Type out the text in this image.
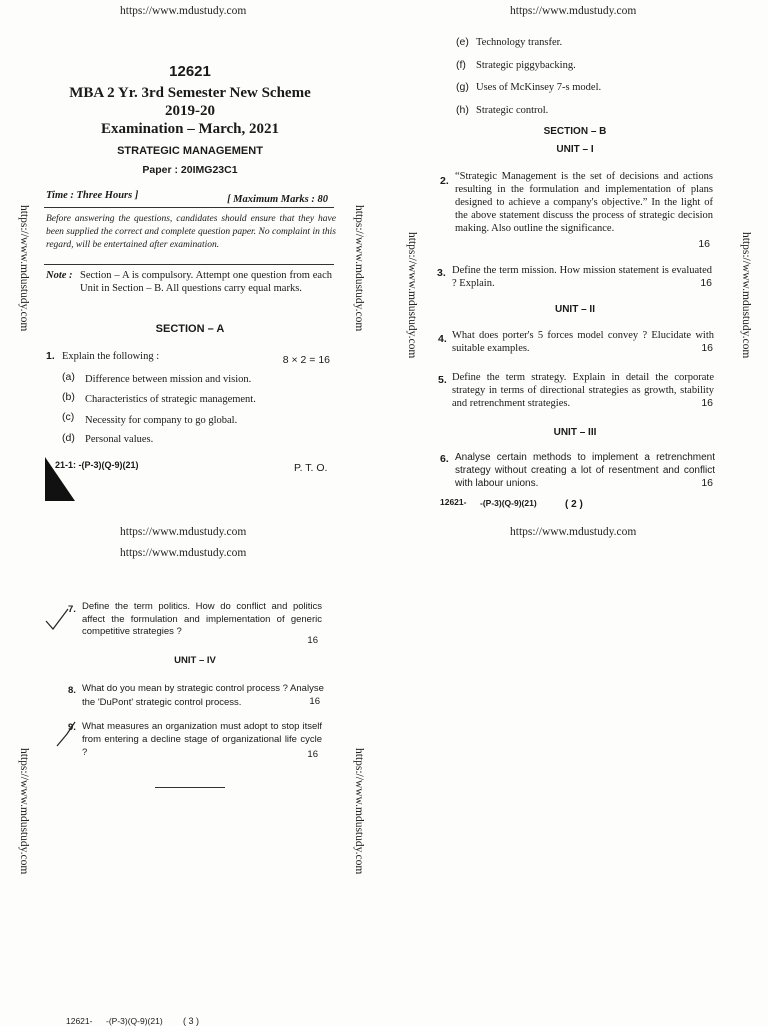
https://www.mdustudy.com	https://www.mdustudy.com
https://www.mdustudy.com	https://www.mdustudy.com	https://www.mdustudy.com	https://www.mdustudy.com
https://www.mdustudy.com	https://www.mdustudy.com
12621
MBA 2 Yr. 3rd Semester New Scheme
2019-20
Examination – March, 2021
STRATEGIC MANAGEMENT
Paper : 20IMG23C1
Time : Three Hours ]	[ Maximum Marks : 80
Before answering the questions, candidates should ensure that they have been supplied the correct and complete question paper. No complaint in this regard, will be entertained after examination.
Note : Section – A is compulsory. Attempt one question from each Unit in Section – B. All questions carry equal marks.
SECTION – A
1. Explain the following :	8 × 2 = 16
(a) Difference between mission and vision.
(b) Characteristics of strategic management.
(c) Necessity for company to go global.
(d) Personal values.
21-1: -(P-3)(Q-9)(21)	P. T. O.
(e) Technology transfer.
(f) Strategic piggybacking.
(g) Uses of McKinsey 7-s model.
(h) Strategic control.
SECTION – B
UNIT – I
2. “Strategic Management is the set of decisions and actions resulting in the formulation and implementation of plans designed to achieve a company's objective.” In the light of the above statement discuss the process of strategic decision making. Also outline the significance.
16
3. Define the term mission. How mission statement is evaluated ? Explain.	16
UNIT – II
4. What does porter's 5 forces model convey ? Elucidate with suitable examples.	16
5. Define the term strategy. Explain in detail the corporate strategy in terms of directional strategies as growth, stability and retrenchment strategies.	16
UNIT – III
6. Analyse certain methods to implement a retrenchment strategy without creating a lot of resentment and conflict with labour unions.	16
12621- -(P-3)(Q-9)(21)	( 2 )
https://www.mdustudy.com
https://www.mdustudy.com
https://www.mdustudy.com
7. Define the term politics. How do conflict and politics affect the formulation and implementation of generic competitive strategies ?
16
UNIT – IV
8. What do you mean by strategic control process ? Analyse the 'DuPont' strategic control process.	16
9. What measures an organization must adopt to stop itself from entering a decline stage of organizational life cycle ?	16
12621- -(P-3)(Q-9)(21) ( 3 )
